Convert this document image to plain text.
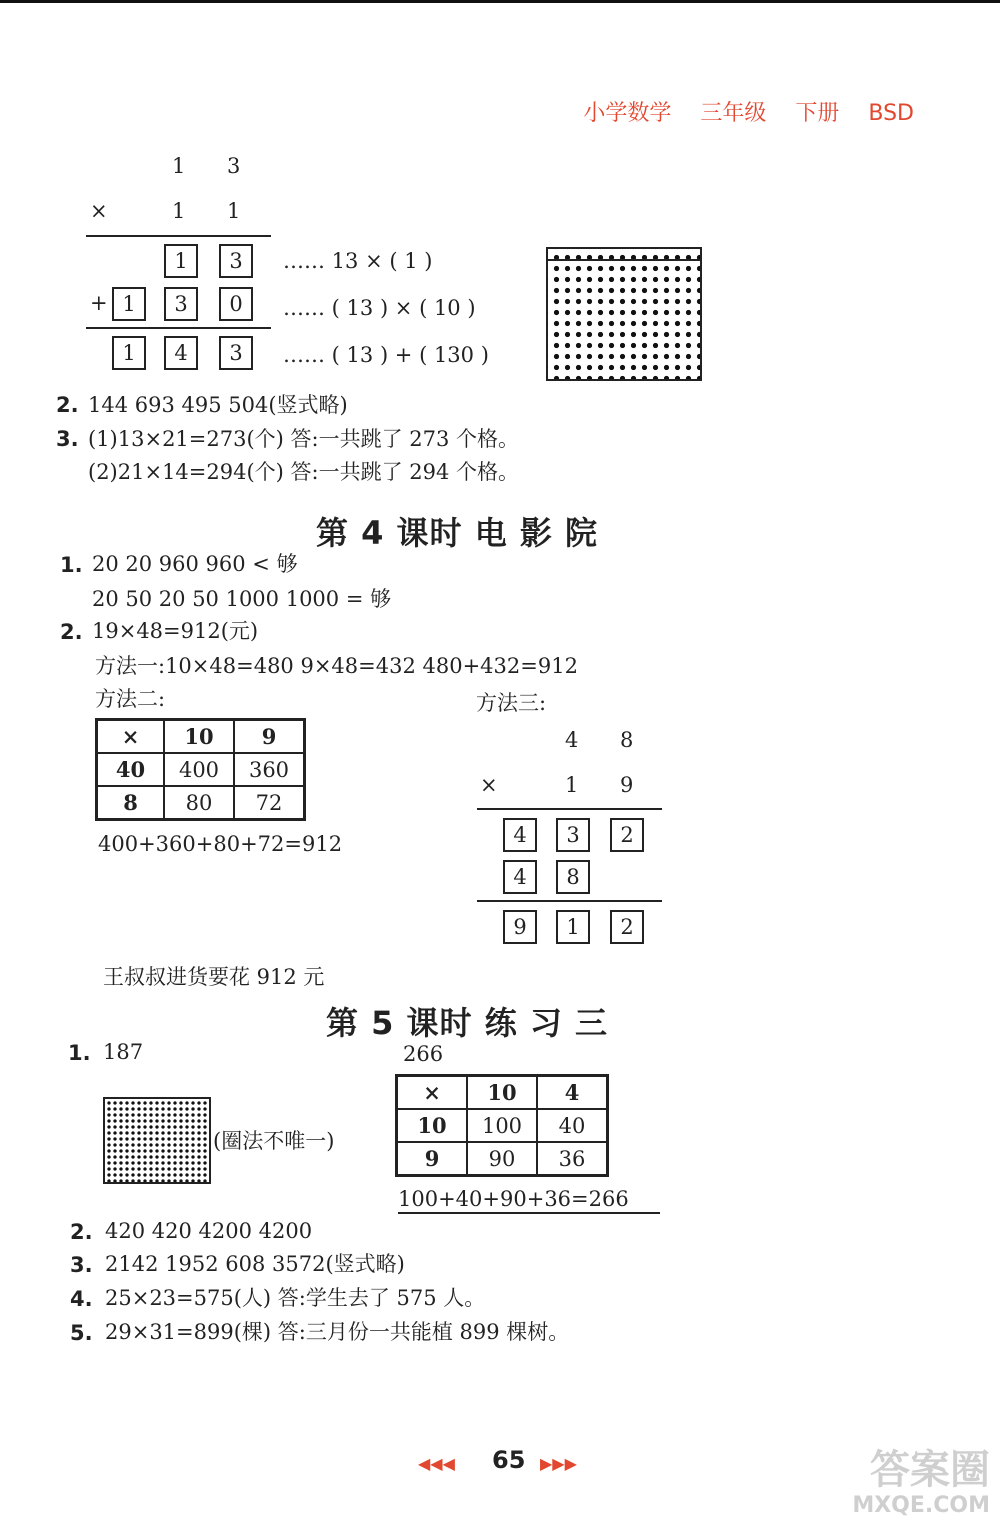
小学数学 三年级 下册 BSD
1 3
×	1 1
1	3	…… 13 × ( 1 )
+ 1	3	0	…… ( 13 ) × ( 10 )
1	4	3	…… ( 13 ) + ( 130 )
2. 144 693 495 504(竖式略)
3. (1)13×21=273(个) 答:一共跳了 273 个格。
(2)21×14=294(个) 答:一共跳了 294 个格。
第 4 课时 电 影 院
1. 20 20 960 960 < 够
20 50 20 50 1000 1000 = 够
2. 19×48=912(元)
方法一:10×48=480 9×48=432 480+432=912
方法二:	方法三:
×	10	9
40	400	360
8	80	72
400+360+80+72=912
4 8
×	1 9
4	3	2
4	8
9	1	2
王叔叔进货要花 912 元
第 5 课时 练 习 三
1. 187	266
(圈法不唯一)
×	10	4
10	100	40
9	90	36
100+40+90+36=266
2. 420 420 4200 4200
3. 2142 1952 608 3572(竖式略)
4. 25×23=575(人) 答:学生去了 575 人。
5. 29×31=899(棵) 答:三月份一共能植 899 棵树。
◀◀◀ 65 ▶▶▶	答案圈
MXQE.COM
